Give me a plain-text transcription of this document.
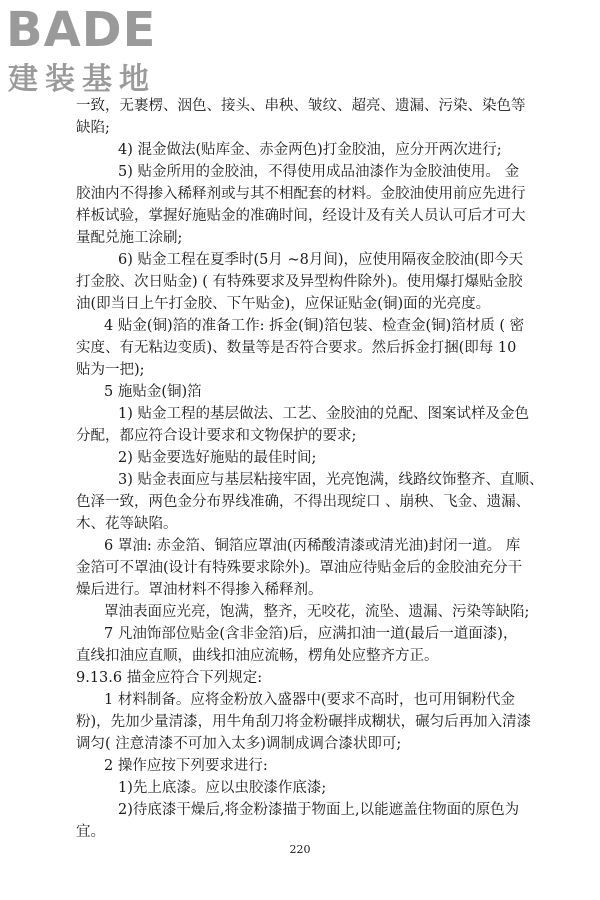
BADE
建装基地
一致，无裹楞、洇色、接头、串秧、皱纹、超亮、遗漏、污染、染色等
缺陷;
4) 混金做法(贴库金、赤金两色)打金胶油，应分开两次进行;
5) 贴金所用的金胶油，不得使用成品油漆作为金胶油使用。 金
胶油内不得掺入稀释剂或与其不相配套的材料。金胶油使用前应先进行
样板试验，掌握好施贴金的准确时间，经设计及有关人员认可后才可大
量配兑施工涂刷;
6) 贴金工程在夏季时(5月 ~8月间)，应使用隔夜金胶油(即今天
打金胶、次日贴金) ( 有特殊要求及异型构件除外)。使用爆打爆贴金胶
油(即当日上午打金胶、下午贴金)，应保证贴金(铜)面的光亮度。
4 贴金(铜)箔的准备工作: 拆金(铜)箔包装、检查金(铜)箔材质 ( 密
实度、有无粘边变质)、数量等是否符合要求。然后拆金打捆(即每 10
贴为一把);
5 施贴金(铜)箔
1) 贴金工程的基层做法、工艺、金胶油的兑配、图案试样及金色
分配，都应符合设计要求和文物保护的要求;
2) 贴金要选好施贴的最佳时间;
3) 贴金表面应与基层粘接牢固，光亮饱满，线路纹饰整齐、直顺、
色泽一致，两色金分布界线准确，不得出现绽口 、崩秧、飞金、遗漏、
木、花等缺陷。
6 罩油: 赤金箔、铜箔应罩油(丙稀酸清漆或清光油)封闭一道。 库
金箔可不罩油(设计有特殊要求除外)。罩油应待贴金后的金胶油充分干
燥后进行。罩油材料不得掺入稀释剂。
罩油表面应光亮，饱满，整齐，无咬花，流坠、遗漏、污染等缺陷;
7 凡油饰部位贴金(含非金箔)后，应满扣油一道(最后一道面漆)，
直线扣油应直顺，曲线扣油应流畅，楞角处应整齐方正。
9.13.6 描金应符合下列规定:
1 材料制备。应将金粉放入盛器中(要求不高时，也可用铜粉代金
粉)，先加少量清漆，用牛角刮刀将金粉碾拌成糊状，碾匀后再加入清漆
调匀( 注意清漆不可加入太多)调制成调合漆状即可;
2 操作应按下列要求进行:
1)先上底漆。应以虫胶漆作底漆;
2)待底漆干燥后,将金粉漆描于物面上,以能遮盖住物面的原色为
宜。
220
